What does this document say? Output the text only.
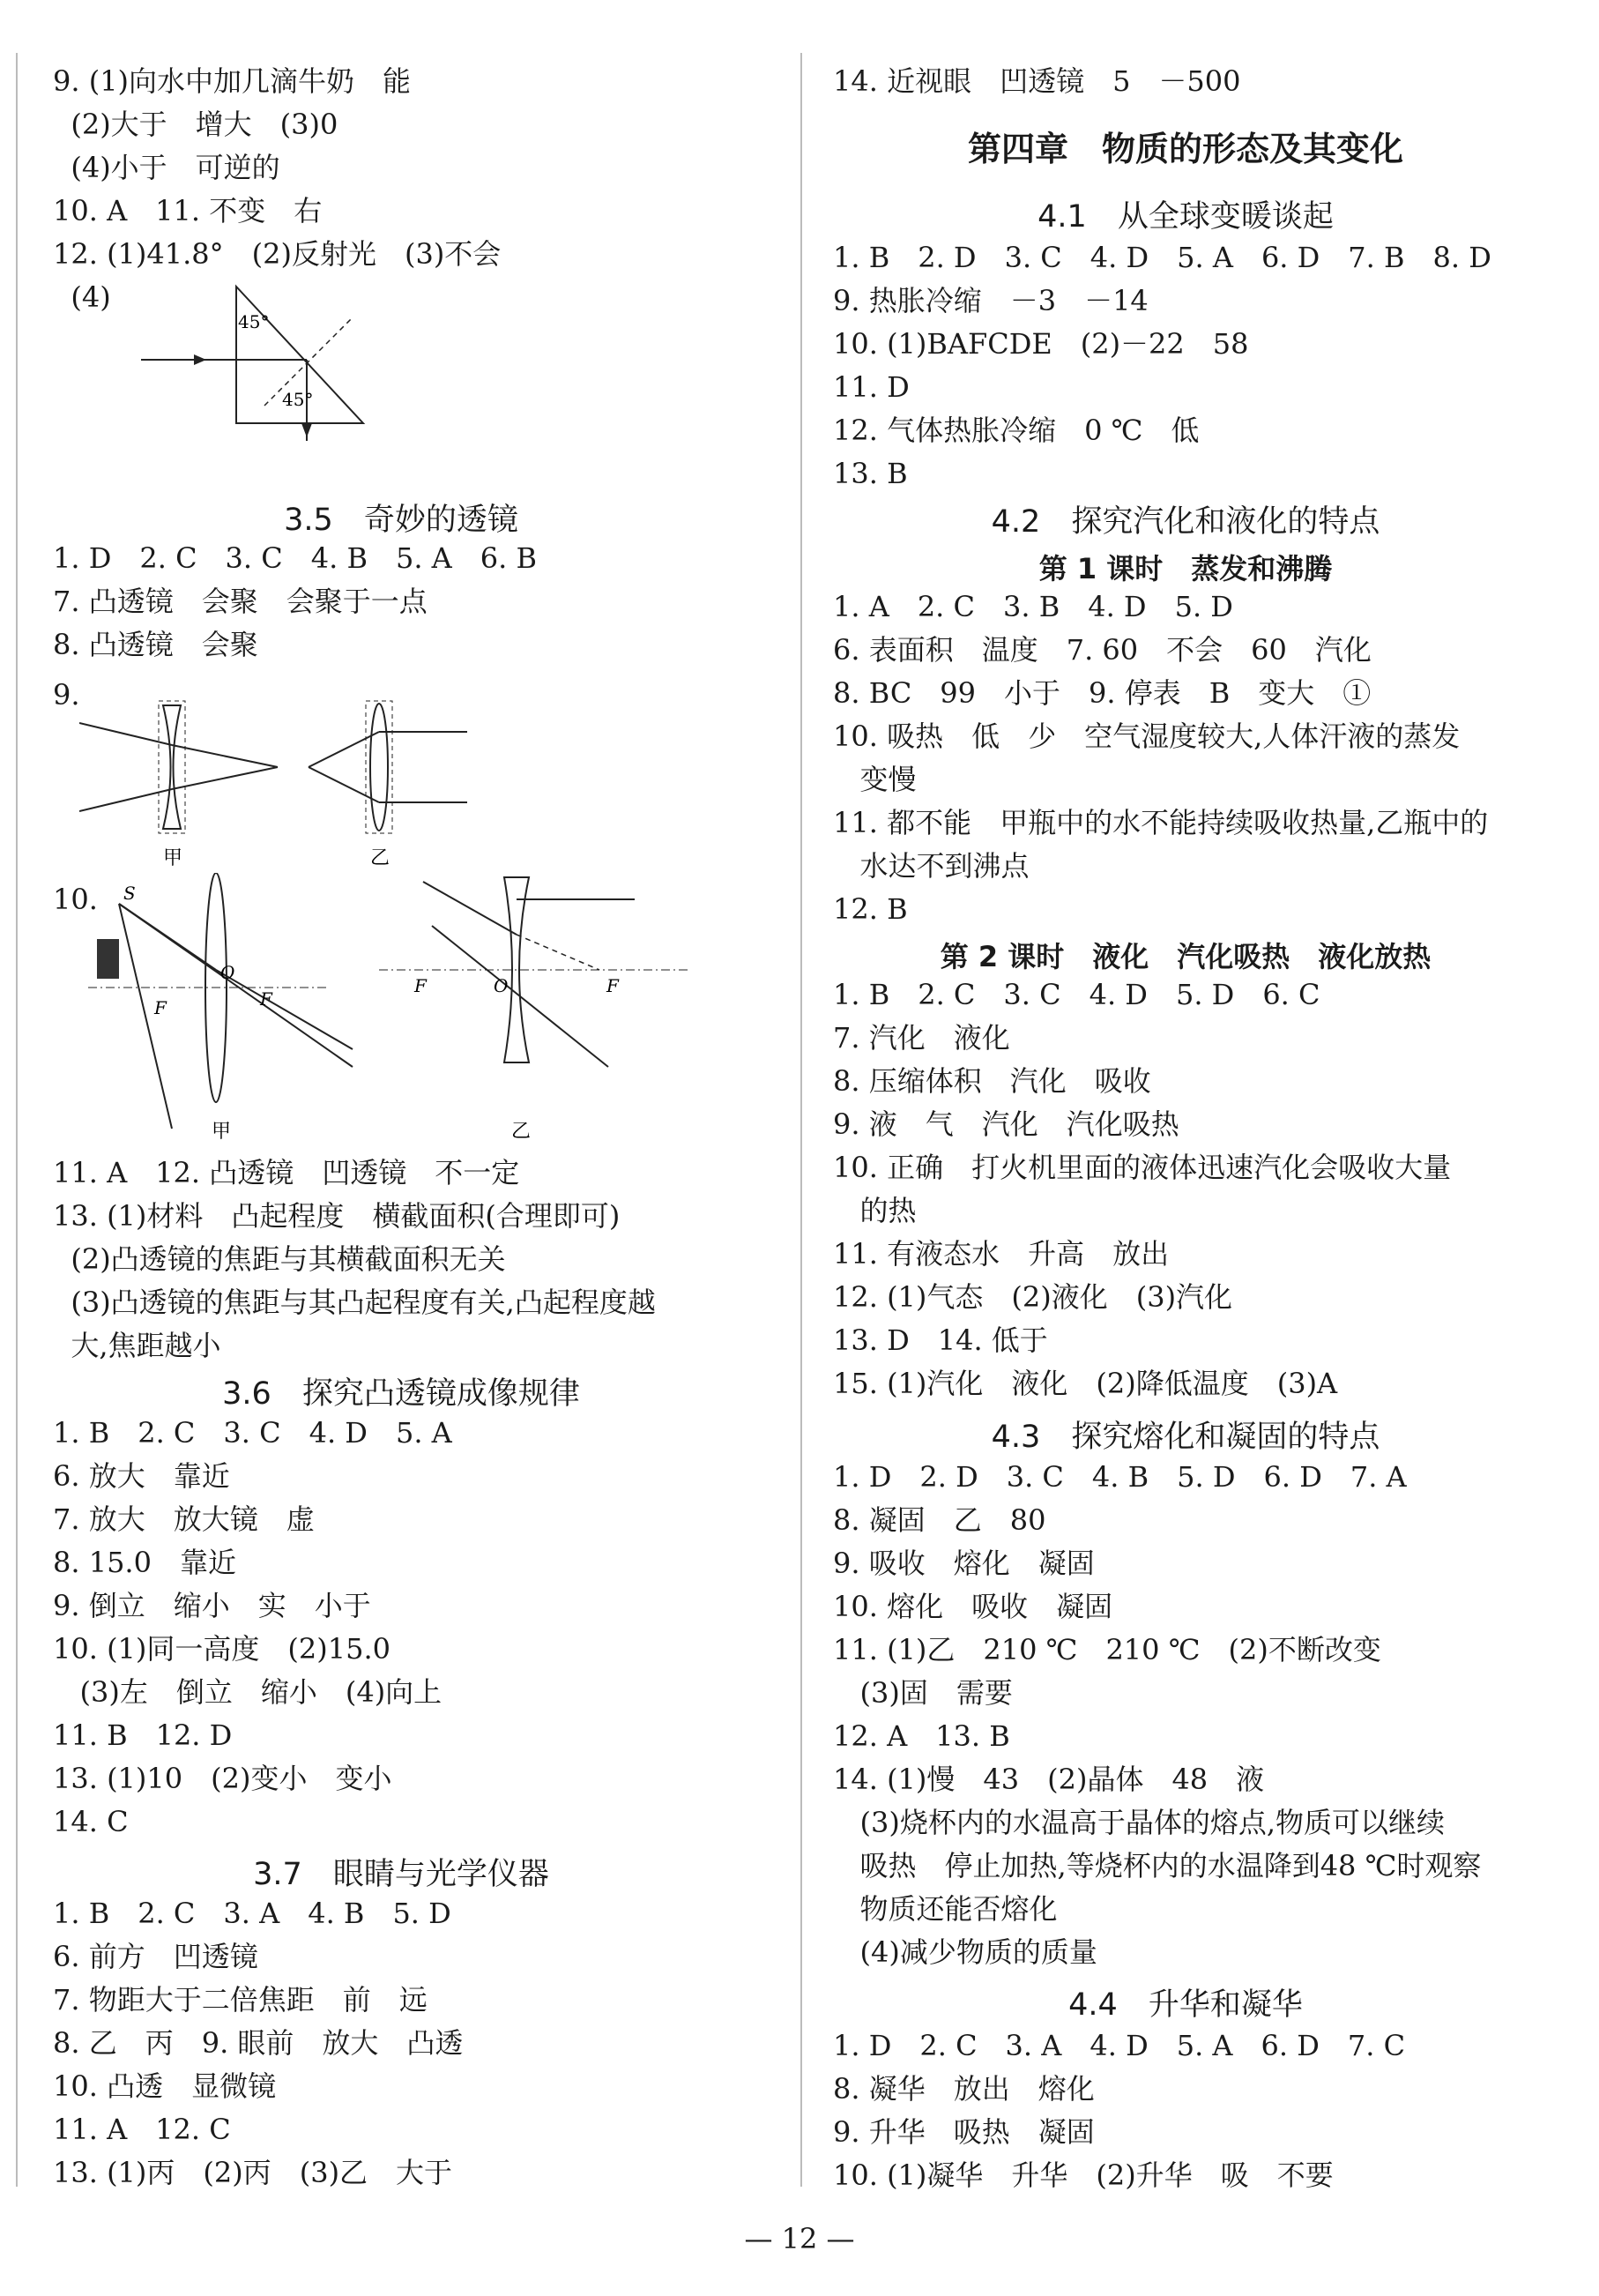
9. (1)向水中加几滴牛奶　能
(2)大于　增大　(3)0
(4)小于　可逆的
10. A　11. 不变　右
12. (1)41.8°　(2)反射光　(3)不会
(4)
3.5　奇妙的透镜
1. D　2. C　3. C　4. B　5. A　6. B
7. 凸透镜　会聚　会聚于一点
8. 凸透镜　会聚
9.
10.
11. A　12. 凸透镜　凹透镜　不一定
13. (1)材料　凸起程度　横截面积(合理即可)
(2)凸透镜的焦距与其横截面积无关
(3)凸透镜的焦距与其凸起程度有关,凸起程度越
大,焦距越小
3.6　探究凸透镜成像规律
1. B　2. C　3. C　4. D　5. A
6. 放大　靠近
7. 放大　放大镜　虚
8. 15.0　靠近
9. 倒立　缩小　实　小于
10. (1)同一高度　(2)15.0
(3)左　倒立　缩小　(4)向上
11. B　12. D
13. (1)10　(2)变小　变小
14. C
3.7　眼睛与光学仪器
1. B　2. C　3. A　4. B　5. D
6. 前方　凹透镜
7. 物距大于二倍焦距　前　远
8. 乙　丙　9. 眼前　放大　凸透
10. 凸透　显微镜
11. A　12. C
13. (1)丙　(2)丙　(3)乙　大于
14. 近视眼　凹透镜　5　－500
第四章　物质的形态及其变化
4.1　从全球变暖谈起
1. B　2. D　3. C　4. D　5. A　6. D　7. B　8. D
9. 热胀冷缩　－3　－14
10. (1)BAFCDE　(2)－22　58
11. D
12. 气体热胀冷缩　0 ℃　低
13. B
4.2　探究汽化和液化的特点
第 1 课时　蒸发和沸腾
1. A　2. C　3. B　4. D　5. D
6. 表面积　温度　7. 60　不会　60　汽化
8. BC　99　小于　9. 停表　B　变大　①
10. 吸热　低　少　空气湿度较大,人体汗液的蒸发
变慢
11. 都不能　甲瓶中的水不能持续吸收热量,乙瓶中的
水达不到沸点
12. B
第 2 课时　液化　汽化吸热　液化放热
1. B　2. C　3. C　4. D　5. D　6. C
7. 汽化　液化
8. 压缩体积　汽化　吸收
9. 液　气　汽化　汽化吸热
10. 正确　打火机里面的液体迅速汽化会吸收大量
的热
11. 有液态水　升高　放出
12. (1)气态　(2)液化　(3)汽化
13. D　14. 低于
15. (1)汽化　液化　(2)降低温度　(3)A
4.3　探究熔化和凝固的特点
1. D　2. D　3. C　4. B　5. D　6. D　7. A
8. 凝固　乙　80
9. 吸收　熔化　凝固
10. 熔化　吸收　凝固
11. (1)乙　210 ℃　210 ℃　(2)不断改变
(3)固　需要
12. A　13. B
14. (1)慢　43　(2)晶体　48　液
(3)烧杯内的水温高于晶体的熔点,物质可以继续
吸热　停止加热,等烧杯内的水温降到48 ℃时观察
物质还能否熔化
(4)减少物质的质量
4.4　升华和凝华
1. D　2. C　3. A　4. D　5. A　6. D　7. C
8. 凝华　放出　熔化
9. 升华　吸热　凝固
10. (1)凝华　升华　(2)升华　吸　不要
45°
45°
甲	乙
S
F
O
F
甲
F	O	F
乙
— 12 —
